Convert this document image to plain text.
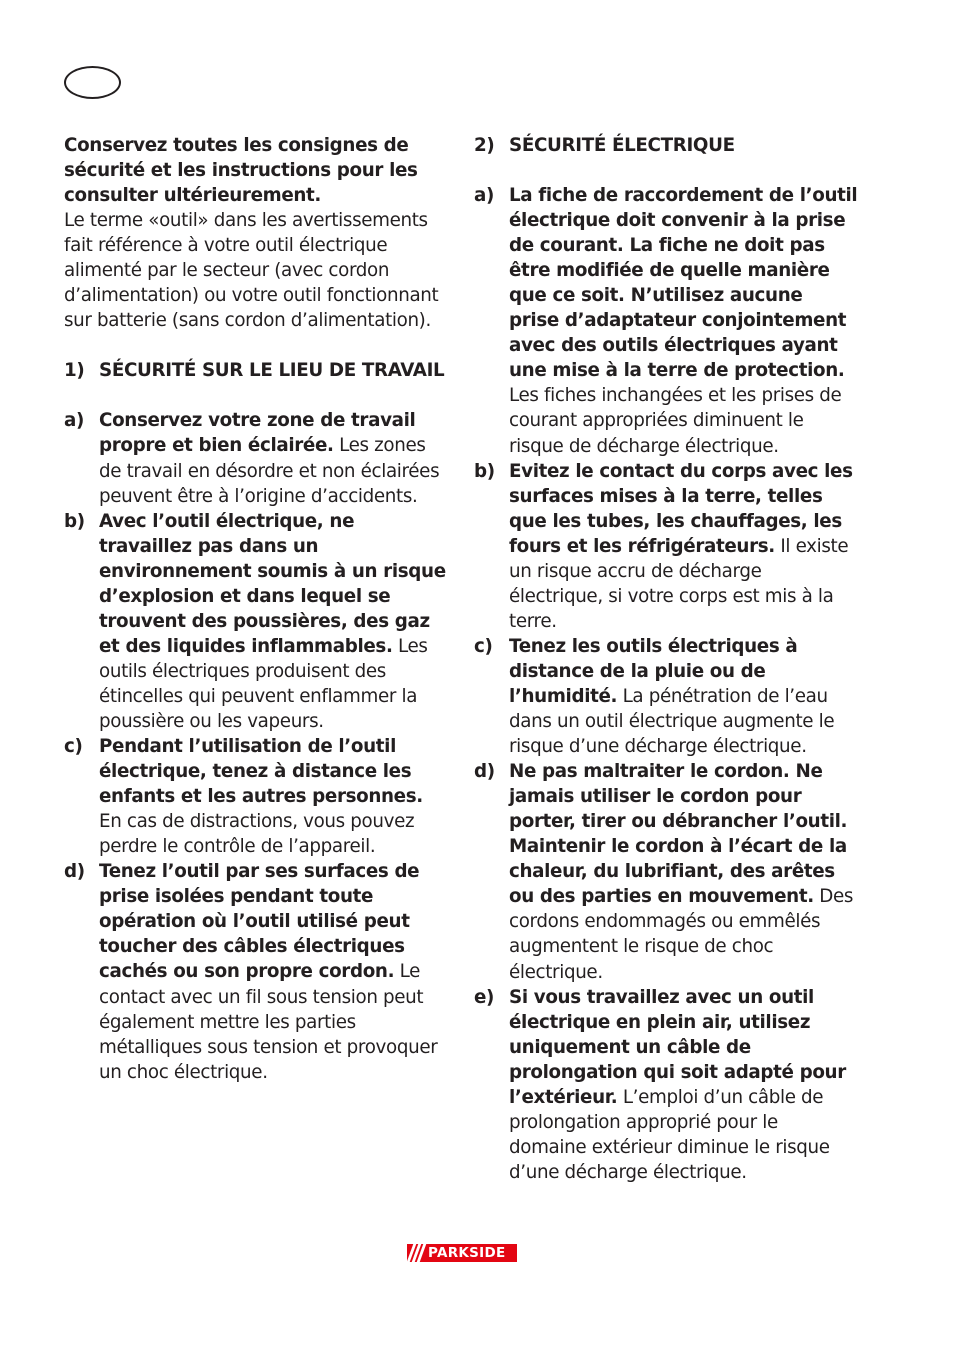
Conservez toutes les consignes de sécurité et les instructions pour les consulter ultérieurement.

Le terme «outil» dans les avertissements fait référence à votre outil électrique alimenté par le secteur (avec cordon d’alimentation) ou votre outil fonctionnant sur batterie (sans cordon d’alimentation).

1) SÉCURITÉ SUR LE LIEU DE TRAVAIL
a) Conservez votre zone de travail propre et bien éclairée. Les zones de travail en désordre et non éclairées peuvent être à l’origine d’accidents.
b) Avec l’outil électrique, ne travaillez pas dans un environnement soumis à un risque d’explosion et dans lequel se trouvent des poussières, des gaz et des liquides inflammables. Les outils électriques produisent des étincelles qui peuvent enflammer la poussière ou les vapeurs.
c) Pendant l’utilisation de l’outil électrique, tenez à distance les enfants et les autres personnes. En cas de distractions, vous pouvez perdre le contrôle de l’appareil.
d) Tenez l’outil par ses surfaces de prise isolées pendant toute opération où l’outil utilisé peut toucher des câbles électriques cachés ou son propre cordon. Le contact avec un fil sous tension peut également mettre les parties métalliques sous tension et provoquer un choc électrique.
2) SÉCURITÉ ÉLECTRIQUE
a) La fiche de raccordement de l’outil électrique doit convenir à la prise de courant. La fiche ne doit pas être modifiée de quelle manière que ce soit. N’utilisez aucune prise d’adaptateur conjointement avec des outils électriques ayant une mise à la terre de protection. Les fiches inchangées et les prises de courant appropriées diminuent le risque de décharge électrique.
b) Evitez le contact du corps avec les surfaces mises à la terre, telles que les tubes, les chauffages, les fours et les réfrigérateurs. Il existe un risque accru de décharge électrique, si votre corps est mis à la terre.
c) Tenez les outils électriques à distance de la pluie ou de l’humidité. La pénétration de l’eau dans un outil électrique augmente le risque d’une décharge électrique.
d) Ne pas maltraiter le cordon. Ne jamais utiliser le cordon pour porter, tirer ou débrancher l’outil. Maintenir le cordon à l’écart de la chaleur, du lubrifiant, des arêtes ou des parties en mouvement. Des cordons endommagés ou emmêlés augmentent le risque de choc électrique.
e) Si vous travaillez avec un outil électrique en plein air, utilisez uniquement un câble de prolongation qui soit adapté pour l’extérieur. L’emploi d’un câble de prolongation approprié pour le domaine extérieur diminue le risque d’une décharge électrique.
PARKSIDE
